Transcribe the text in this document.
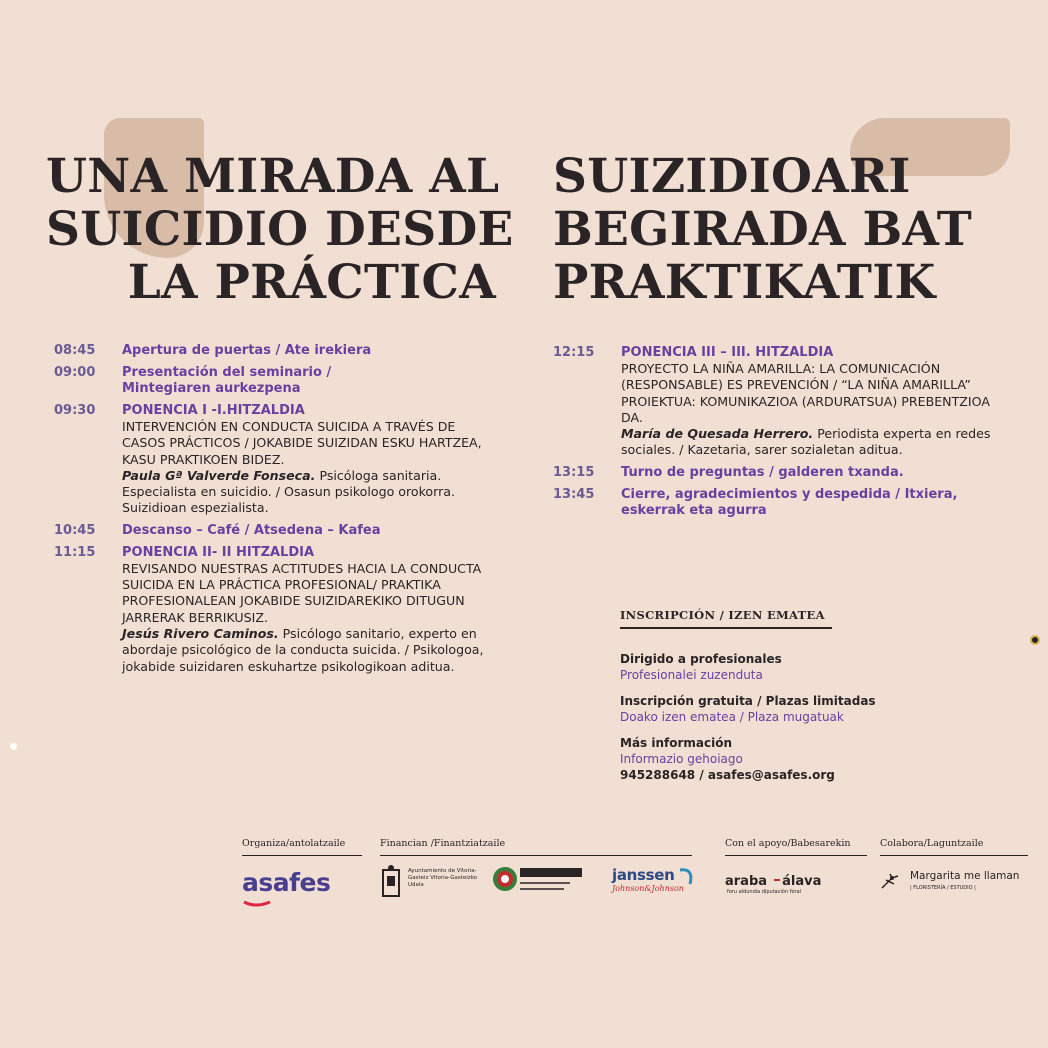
UNA MIRADA AL
SUICIDIO DESDE
LA PRÁCTICA
SUIZIDIOARI
BEGIRADA BAT
PRAKTIKATIK
08:45	Apertura de puertas / Ate irekiera

09:00	Presentación del seminario /

Mintegiaren aurkezpena

09:30	PONENCIA I -I.HITZALDIA

INTERVENCIÓN EN CONDUCTA SUICIDA A TRAVÉS DE CASOS PRÁCTICOS / JOKABIDE SUIZIDAN ESKU HARTZEA, KASU PRAKTIKOEN BIDEZ.

Paula Gª Valverde Fonseca. Psicóloga sanitaria. Especialista en suicidio. / Osasun psikologo orokorra. Suizidioan espezialista.

10:45	Descanso – Café / Atsedena – Kafea

11:15	PONENCIA II- II HITZALDIA

REVISANDO NUESTRAS ACTITUDES HACIA LA CONDUCTA SUICIDA EN LA PRÁCTICA PROFESIONAL/ PRAKTIKA PROFESIONALEAN JOKABIDE SUIZIDAREKIKO DITUGUN JARRERAK BERRIKUSIZ.

Jesús Rivero Caminos. Psicólogo sanitario, experto en abordaje psicológico de la conducta suicida. / Psikologoa, jokabide suizidaren eskuhartze psikologikoan aditua.

12:15	PONENCIA III – III. HITZALDIA

PROYECTO LA NIÑA AMARILLA: LA COMUNICACIÓN (RESPONSABLE) ES PREVENCIÓN / “LA NIÑA AMARILLA” PROIEKTUA: KOMUNIKAZIOA (ARDURATSUA) PREBENTZIOA DA.

María de Quesada Herrero. Periodista experta en redes sociales. / Kazetaria, sarer sozialetan aditua.

13:15	Turno de preguntas / galderen txanda.

13:45	Cierre, agradecimientos y despedida / Itxiera, eskerrak eta agurra

INSCRIPCIÓN / IZEN EMATEA
Dirigido a profesionales
Profesionalei zuzenduta
Inscripción gratuita / Plazas limitadas
Doako izen ematea / Plaza mugatuak
Más información
Informazio gehoiago
945288648 / asafes@asafes.org
Organiza/antolatzaile	Financian /Finantziatzaile	Con el apoyo/Babesarekin	Colabora/Laguntzaile
asafes	Ayuntamiento de Vitoria-Gasteiz Vitoria-Gasteizko Udala
janssen
Johnson&Johnson	araba álava
foru aldundia diputación foral
Margarita me llaman
| FLORISTERÍA / ESTUDIO |
